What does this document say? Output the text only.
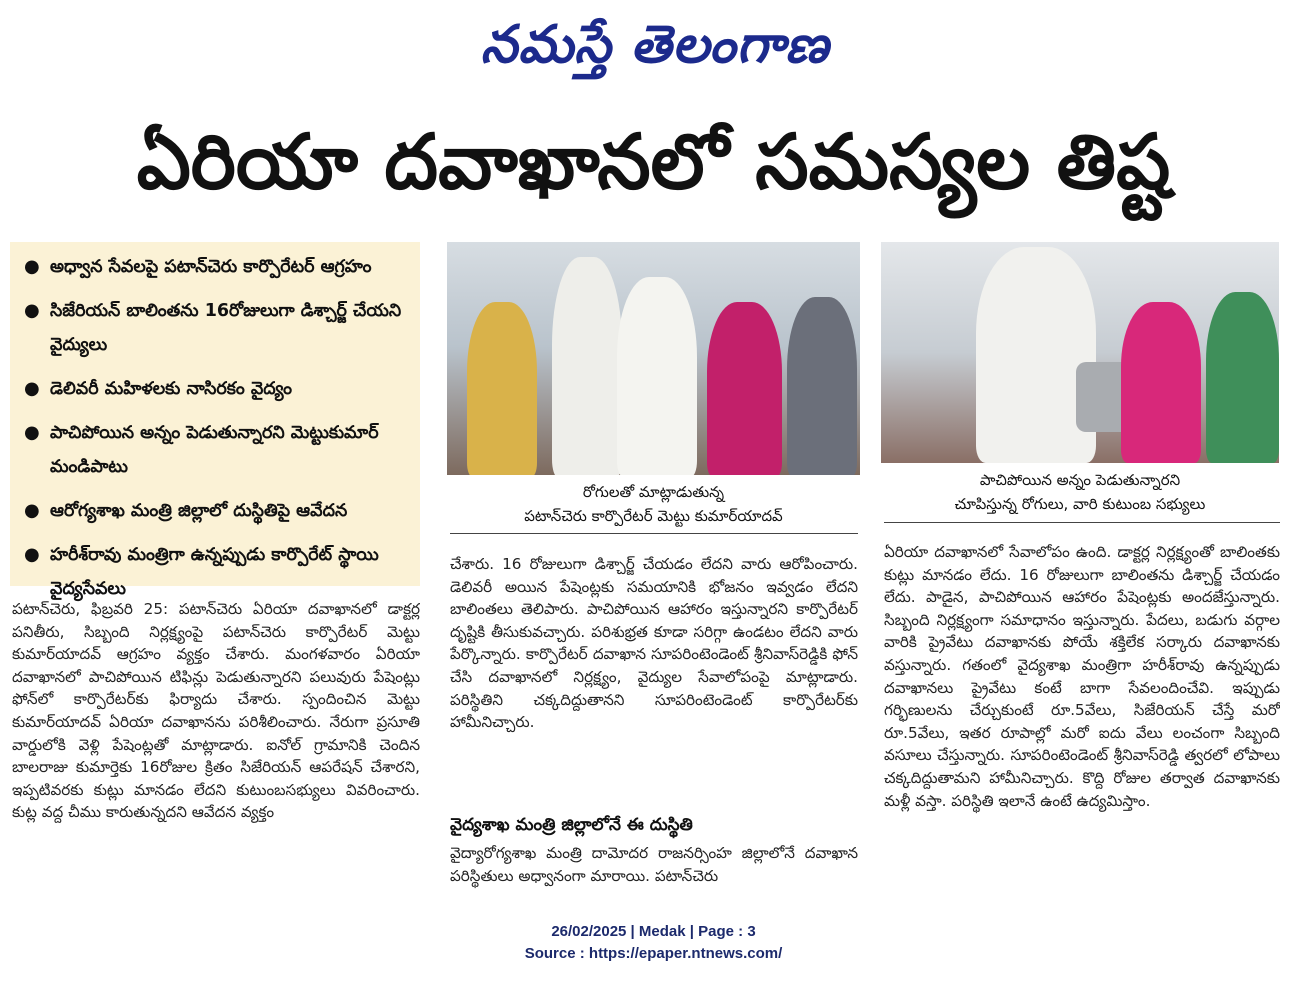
నమస్తే తెలంగాణ
ఏరియా దవాఖానలో సమస్యల తిష్ట
● అధ్వాన సేవలపై పటాన్‌చెరు కార్పొరేటర్ ఆగ్రహం
● సిజేరియన్ బాలింతను 16రోజులుగా డిశ్చార్జ్ చేయని వైద్యులు
● డెలివరీ మహిళలకు నాసిరకం వైద్యం
● పాచిపోయిన అన్నం పెడుతున్నారని మెట్టుకుమార్ మండిపాటు
● ఆరోగ్యశాఖ మంత్రి జిల్లాలో దుస్థితిపై ఆవేదన
● హరీశ్‌రావు మంత్రిగా ఉన్నప్పుడు కార్పొరేట్ స్థాయి వైద్యసేవలు
రోగులతో మాట్లాడుతున్న
పటాన్‌చెరు కార్పొరేటర్ మెట్టు కుమార్‌యాదవ్
పాచిపోయిన అన్నం పెడుతున్నారని
చూపిస్తున్న రోగులు, వారి కుటుంబ సభ్యులు
పటాన్‌చెరు, ఫిబ్రవరి 25: పటాన్‌చెరు ఏరియా దవాఖానలో డాక్టర్ల పనితీరు, సిబ్బంది నిర్లక్ష్యంపై పటాన్‌చెరు కార్పొరేటర్ మెట్టు కుమార్‌యాదవ్ ఆగ్రహం వ్యక్తం చేశారు. మంగళవారం ఏరియా దవాఖానలో పాచిపోయిన టిఫిన్లు పెడుతున్నారని పలువురు పేషెంట్లు ఫోన్‌లో కార్పొరేటర్‌కు ఫిర్యాదు చేశారు. స్పందించిన మెట్టు కుమార్‌యాదవ్ ఏరియా దవాఖానను పరిశీలించారు. నేరుగా ప్రసూతి వార్డులోకి వెళ్లి పేషెంట్లతో మాట్లాడారు. ఐనోల్ గ్రామానికి చెందిన బాలరాజు కుమార్తెకు 16రోజుల క్రితం సిజేరియన్ ఆపరేషన్ చేశారని, ఇప్పటివరకు కుట్లు మానడం లేదని కుటుంబసభ్యులు వివరించారు. కుట్ల వద్ద చీము కారుతున్నదని ఆవేదన వ్యక్తం
చేశారు. 16 రోజులుగా డిశ్చార్జ్ చేయడం లేదని వారు ఆరోపించారు. డెలివరీ అయిన పేషెంట్లకు సమయానికి భోజనం ఇవ్వడం లేదని బాలింతలు తెలిపారు. పాచిపోయిన ఆహారం ఇస్తున్నారని కార్పొరేటర్ దృష్టికి తీసుకువచ్చారు. పరిశుభ్రత కూడా సరిగ్గా ఉండటం లేదని వారు పేర్కొన్నారు. కార్పొరేటర్ దవాఖాన సూపరింటెండెంట్ శ్రీనివాస్‌రెడ్డికి ఫోన్ చేసి దవాఖానలో నిర్లక్ష్యం, వైద్యుల సేవాలోపంపై మాట్లాడారు. పరిస్థితిని చక్కదిద్దుతానని సూపరింటెండెంట్ కార్పొరేటర్‌కు హామీనిచ్చారు.
వైద్యశాఖ మంత్రి జిల్లాలోనే ఈ దుస్థితి
వైద్యారోగ్యశాఖ మంత్రి దామోదర రాజనర్సింహ జిల్లాలోనే దవాఖాన పరిస్థితులు అధ్వానంగా మారాయి. పటాన్‌చెరు
ఏరియా దవాఖానలో సేవాలోపం ఉంది. డాక్టర్ల నిర్లక్ష్యంతో బాలింతకు కుట్లు మానడం లేదు. 16 రోజులుగా బాలింతను డిశ్చార్జ్ చేయడం లేదు. పాడైన, పాచిపోయిన ఆహారం పేషెంట్లకు అందజేస్తున్నారు. సిబ్బంది నిర్లక్ష్యంగా సమాధానం ఇస్తున్నారు. పేదలు, బడుగు వర్గాల వారికి ప్రైవేటు దవాఖానకు పోయే శక్తిలేక సర్కారు దవాఖానకు వస్తున్నారు. గతంలో వైద్యశాఖ మంత్రిగా హరీశ్‌రావు ఉన్నప్పుడు దవాఖానలు ప్రైవేటు కంటే బాగా సేవలందించేవి. ఇప్పుడు గర్భిణులను చేర్చుకుంటే రూ.5వేలు, సిజేరియన్ చేస్తే మరో రూ.5వేలు, ఇతర రూపాల్లో మరో ఐదు వేలు లంచంగా సిబ్బంది వసూలు చేస్తున్నారు. సూపరింటెండెంట్ శ్రీనివాస్‌రెడ్డి త్వరలో లోపాలు చక్కదిద్దుతామని హామీనిచ్చారు. కొద్ది రోజుల తర్వాత దవాఖానకు మళ్లీ వస్తా. పరిస్థితి ఇలానే ఉంటే ఉద్యమిస్తాం.
26/02/2025 | Medak | Page : 3
Source : https://epaper.ntnews.com/
